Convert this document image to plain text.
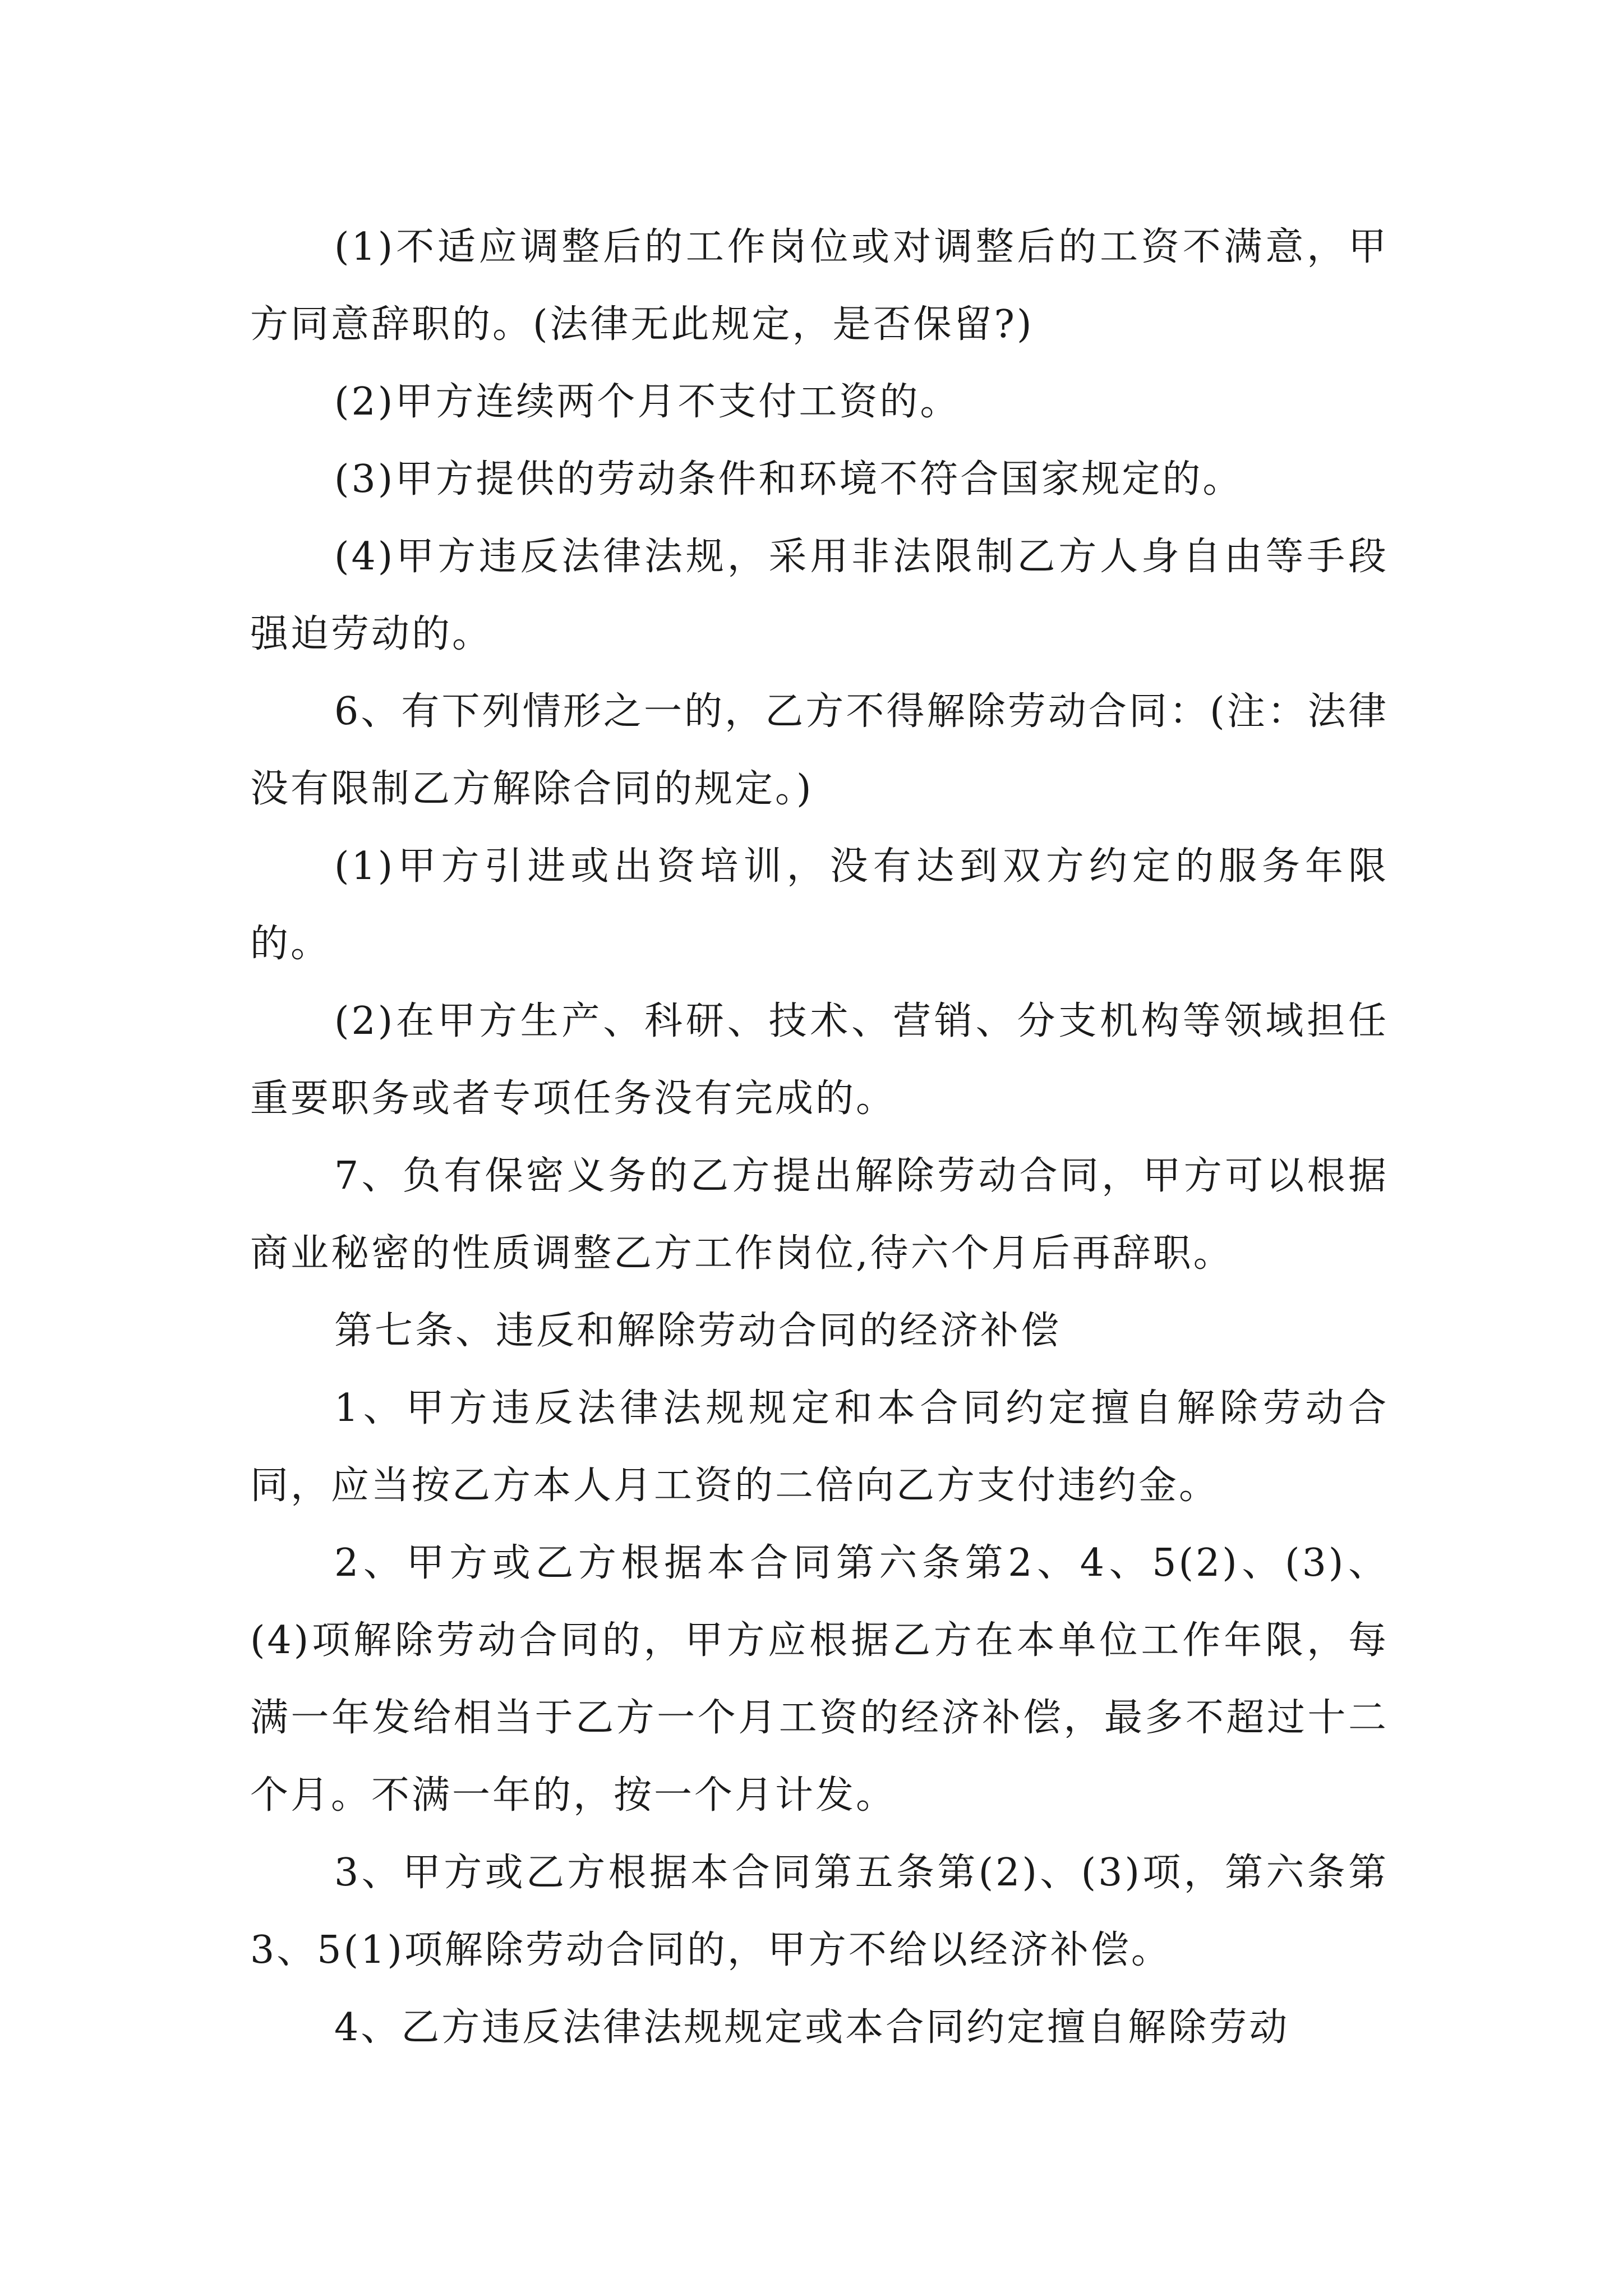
(1)不适应调整后的工作岗位或对调整后的工资不满意，甲方同意辞职的。(法律无此规定，是否保留?)

(2)甲方连续两个月不支付工资的。

(3)甲方提供的劳动条件和环境不符合国家规定的。

(4)甲方违反法律法规，采用非法限制乙方人身自由等手段强迫劳动的。

6、有下列情形之一的，乙方不得解除劳动合同：(注：法律没有限制乙方解除合同的规定。)

(1)甲方引进或出资培训，没有达到双方约定的服务年限的。

(2)在甲方生产、科研、技术、营销、分支机构等领域担任重要职务或者专项任务没有完成的。

7、负有保密义务的乙方提出解除劳动合同，甲方可以根据商业秘密的性质调整乙方工作岗位,待六个月后再辞职。

第七条、违反和解除劳动合同的经济补偿

1、甲方违反法律法规规定和本合同约定擅自解除劳动合同，应当按乙方本人月工资的二倍向乙方支付违约金。

2、甲方或乙方根据本合同第六条第2、4、5(2)、(3)、(4)项解除劳动合同的，甲方应根据乙方在本单位工作年限，每满一年发给相当于乙方一个月工资的经济补偿，最多不超过十二个月。不满一年的，按一个月计发。

3、甲方或乙方根据本合同第五条第(2)、(3)项，第六条第3、5(1)项解除劳动合同的，甲方不给以经济补偿。

4、乙方违反法律法规规定或本合同约定擅自解除劳动
